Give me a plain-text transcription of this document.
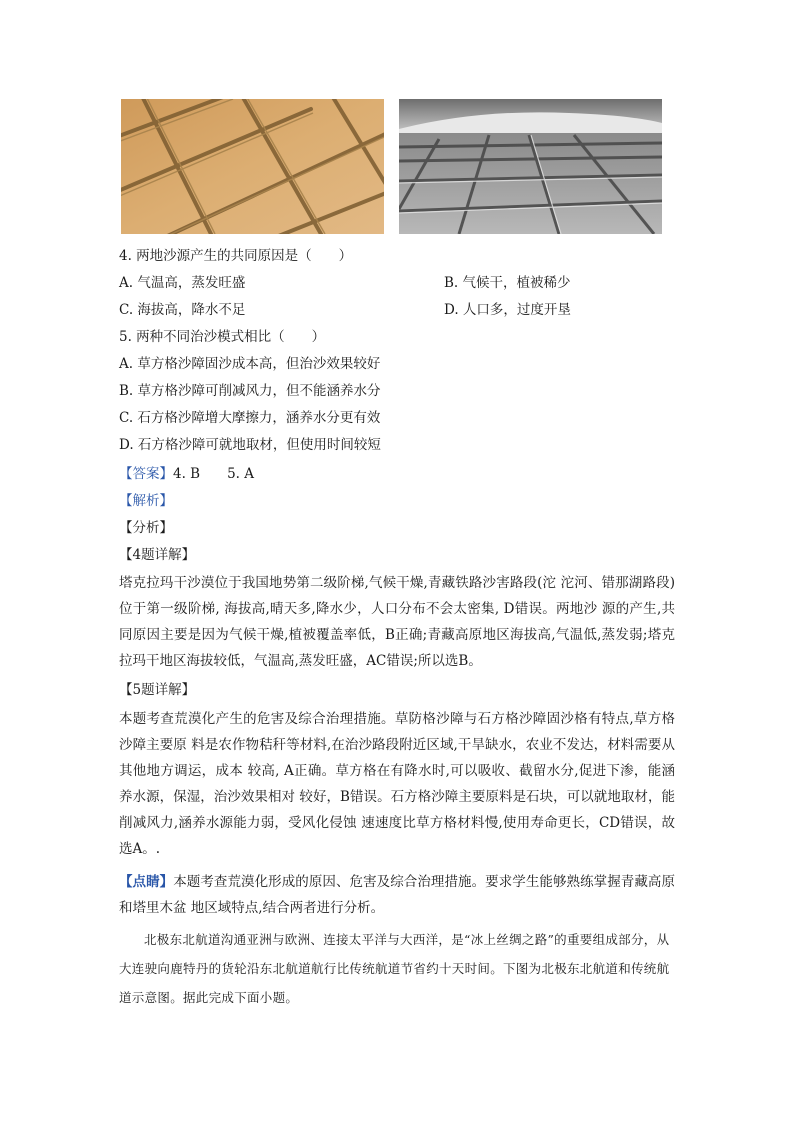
4. 两地沙源产生的共同原因是（　　）
A. 气温高，蒸发旺盛	B. 气候干，植被稀少
C. 海拔高，降水不足	D. 人口多，过度开垦
5. 两种不同治沙模式相比（　　）
A. 草方格沙障固沙成本高，但治沙效果较好
B. 草方格沙障可削减风力，但不能涵养水分
C. 石方格沙障增大摩擦力，涵养水分更有效
D. 石方格沙障可就地取材，但使用时间较短
【答案】4. B　　5. A
【解析】
【分析】
【4题详解】

塔克拉玛干沙漠位于我国地势第二级阶梯,气候干燥,青藏铁路沙害路段(沱 沱河、错那湖路段)位于第一级阶梯, 海拔高,晴天多,降水少，人口分布不会太密集, D错误。两地沙 源的产生,共同原因主要是因为气候干燥,植被覆盖率低，B正确;青藏高原地区海拔高,气温低,蒸发弱;塔克拉玛干地区海拔较低，气温高,蒸发旺盛，AC错误;所以选B。

【5题详解】

本题考查荒漠化产生的危害及综合治理措施。草防格沙障与石方格沙障固沙格有特点,草方格沙障主要原 料是农作物秸秆等材料,在治沙路段附近区域,干旱缺水，农业不发达，材料需要从其他地方调运，成本 较高, A正确。草方格在有降水时,可以吸收、截留水分,促进下渗，能涵养水源，保湿，治沙效果相对 较好，B错误。石方格沙障主要原料是石块，可以就地取材，能削减风力,涵养水源能力弱，受风化侵蚀 速速度比草方格材料慢,使用寿命更长，CD错误，故选A。.

【点睛】本题考查荒漠化形成的原因、危害及综合治理措施。要求学生能够熟练掌握青藏高原和塔里木盆 地区域特点,结合两者进行分析。

北极东北航道沟通亚洲与欧洲、连接太平洋与大西洋，是“冰上丝绸之路”的重要组成部分，从大连驶向鹿特丹的货轮沿东北航道航行比传统航道节省约十天时间。下图为北极东北航道和传统航道示意图。据此完成下面小题。
